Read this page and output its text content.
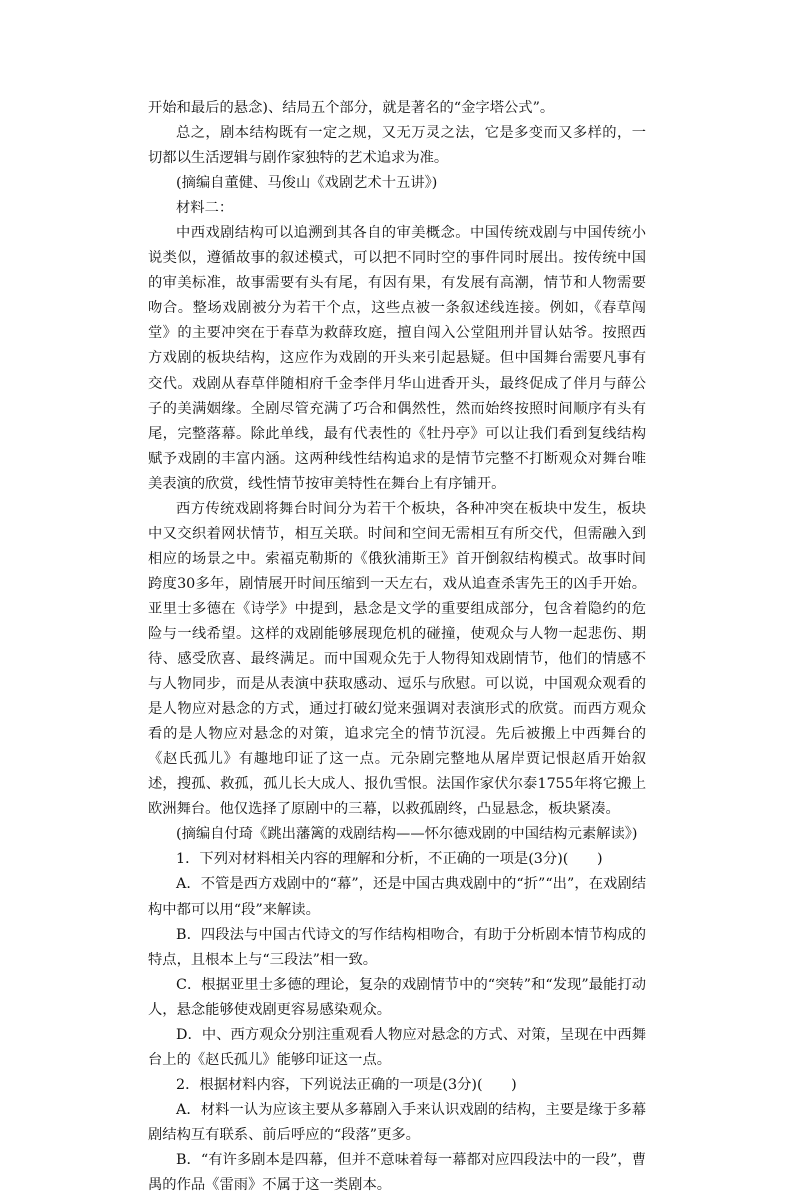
开始和最后的悬念)、结局五个部分，就是著名的“金字塔公式”。

总之，剧本结构既有一定之规，又无万灵之法，它是多变而又多样的，一切都以生活逻辑与剧作家独特的艺术追求为准。

(摘编自董健、马俊山《戏剧艺术十五讲》)

材料二：

中西戏剧结构可以追溯到其各自的审美概念。中国传统戏剧与中国传统小说类似，遵循故事的叙述模式，可以把不同时空的事件同时展出。按传统中国的审美标准，故事需要有头有尾，有因有果，有发展有高潮，情节和人物需要吻合。整场戏剧被分为若干个点，这些点被一条叙述线连接。例如，《春草闯堂》的主要冲突在于春草为救薛玫庭，擅自闯入公堂阻刑并冒认姑爷。按照西方戏剧的板块结构，这应作为戏剧的开头来引起悬疑。但中国舞台需要凡事有交代。戏剧从春草伴随相府千金李伴月华山进香开头，最终促成了伴月与薛公子的美满姻缘。全剧尽管充满了巧合和偶然性，然而始终按照时间顺序有头有尾，完整落幕。除此单线，最有代表性的《牡丹亭》可以让我们看到复线结构赋予戏剧的丰富内涵。这两种线性结构追求的是情节完整不打断观众对舞台唯美表演的欣赏，线性情节按审美特性在舞台上有序铺开。

西方传统戏剧将舞台时间分为若干个板块，各种冲突在板块中发生，板块中又交织着网状情节，相互关联。时间和空间无需相互有所交代，但需融入到相应的场景之中。索福克勒斯的《俄狄浦斯王》首开倒叙结构模式。故事时间跨度30多年，剧情展开时间压缩到一天左右，戏从追查杀害先王的凶手开始。亚里士多德在《诗学》中提到，悬念是文学的重要组成部分，包含着隐约的危险与一线希望。这样的戏剧能够展现危机的碰撞，使观众与人物一起悲伤、期待、感受欣喜、最终满足。而中国观众先于人物得知戏剧情节，他们的情感不与人物同步，而是从表演中获取感动、逗乐与欣慰。可以说，中国观众观看的是人物应对悬念的方式，通过打破幻觉来强调对表演形式的欣赏。而西方观众看的是人物应对悬念的对策，追求完全的情节沉浸。先后被搬上中西舞台的《赵氏孤儿》有趣地印证了这一点。元杂剧完整地从屠岸贾记恨赵盾开始叙述，搜孤、救孤，孤儿长大成人、报仇雪恨。法国作家伏尔泰1755年将它搬上欧洲舞台。他仅选择了原剧中的三幕，以救孤剧终，凸显悬念，板块紧凑。

(摘编自付琦《跳出藩篱的戏剧结构——怀尔德戏剧的中国结构元素解读》)

1．下列对材料相关内容的理解和分析，不正确的一项是(3分)(　　)

A．不管是西方戏剧中的“幕”，还是中国古典戏剧中的“折”“出”，在戏剧结构中都可以用“段”来解读。

B．四段法与中国古代诗文的写作结构相吻合，有助于分析剧本情节构成的特点，且根本上与“三段法”相一致。

C．根据亚里士多德的理论，复杂的戏剧情节中的“突转”和“发现”最能打动人，悬念能够使戏剧更容易感染观众。

D．中、西方观众分别注重观看人物应对悬念的方式、对策，呈现在中西舞台上的《赵氏孤儿》能够印证这一点。

2．根据材料内容，下列说法正确的一项是(3分)(　　)

A．材料一认为应该主要从多幕剧入手来认识戏剧的结构，主要是缘于多幕剧结构互有联系、前后呼应的“段落”更多。

B．“有许多剧本是四幕，但并不意味着每一幕都对应四段法中的一段”，曹禺的作品《雷雨》不属于这一类剧本。
